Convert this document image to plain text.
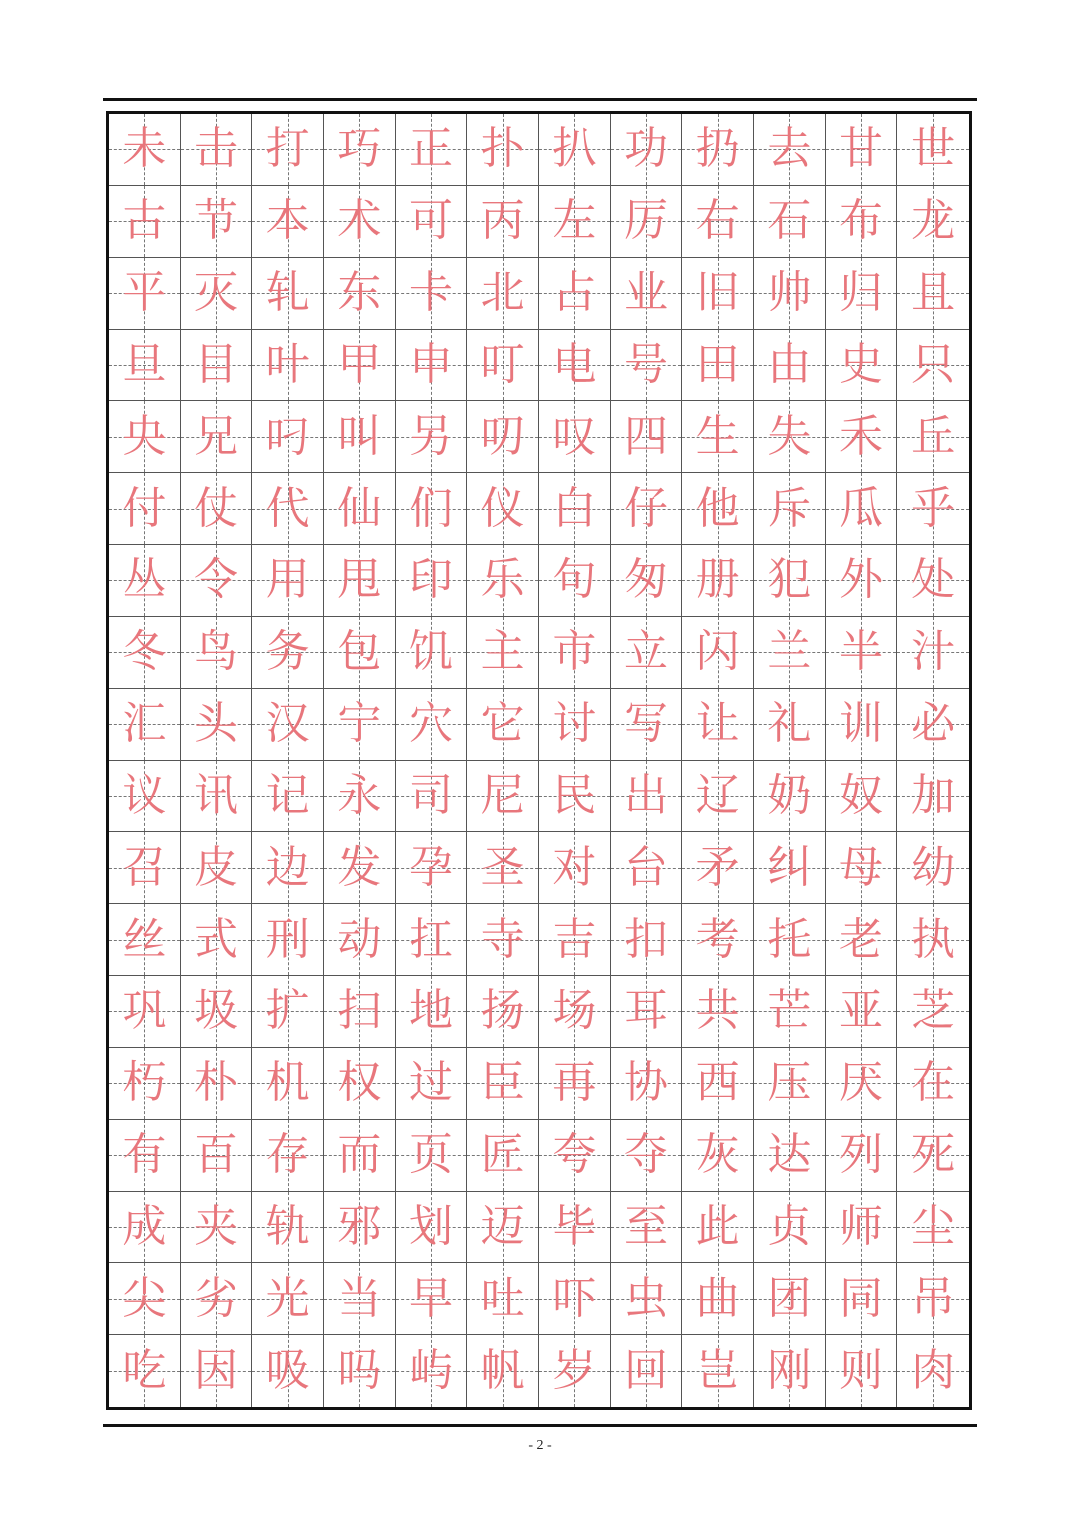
未 击 打 巧 正 扑 扒 功 扔 去 甘 世
古 节 本 术 可 丙 左 厉 右 石 布 龙
平 灭 轧 东 卡 北 占 业 旧 帅 归 且
旦 目 叶 甲 申 叮 电 号 田 由 史 只
央 兄 叼 叫 另 叨 叹 四 生 失 禾 丘
付 仗 代 仙 们 仪 白 仔 他 斥 瓜 乎
丛 令 用 甩 印 乐 句 匆 册 犯 外 处
冬 鸟 务 包 饥 主 市 立 闪 兰 半 汁
汇 头 汉 宁 穴 它 讨 写 让 礼 训 必
议 讯 记 永 司 尼 民 出 辽 奶 奴 加
召 皮 边 发 孕 圣 对 台 矛 纠 母 幼
丝 式 刑 动 扛 寺 吉 扣 考 托 老 执
巩 圾 扩 扫 地 扬 场 耳 共 芒 亚 芝
朽 朴 机 权 过 臣 再 协 西 压 厌 在
有 百 存 而 页 匠 夸 夺 灰 达 列 死
成 夹 轨 邪 划 迈 毕 至 此 贞 师 尘
尖 劣 光 当 早 吐 吓 虫 曲 团 同 吊
吃 因 吸 吗 屿 帆 岁 回 岂 刚 则 肉
- 2 -
